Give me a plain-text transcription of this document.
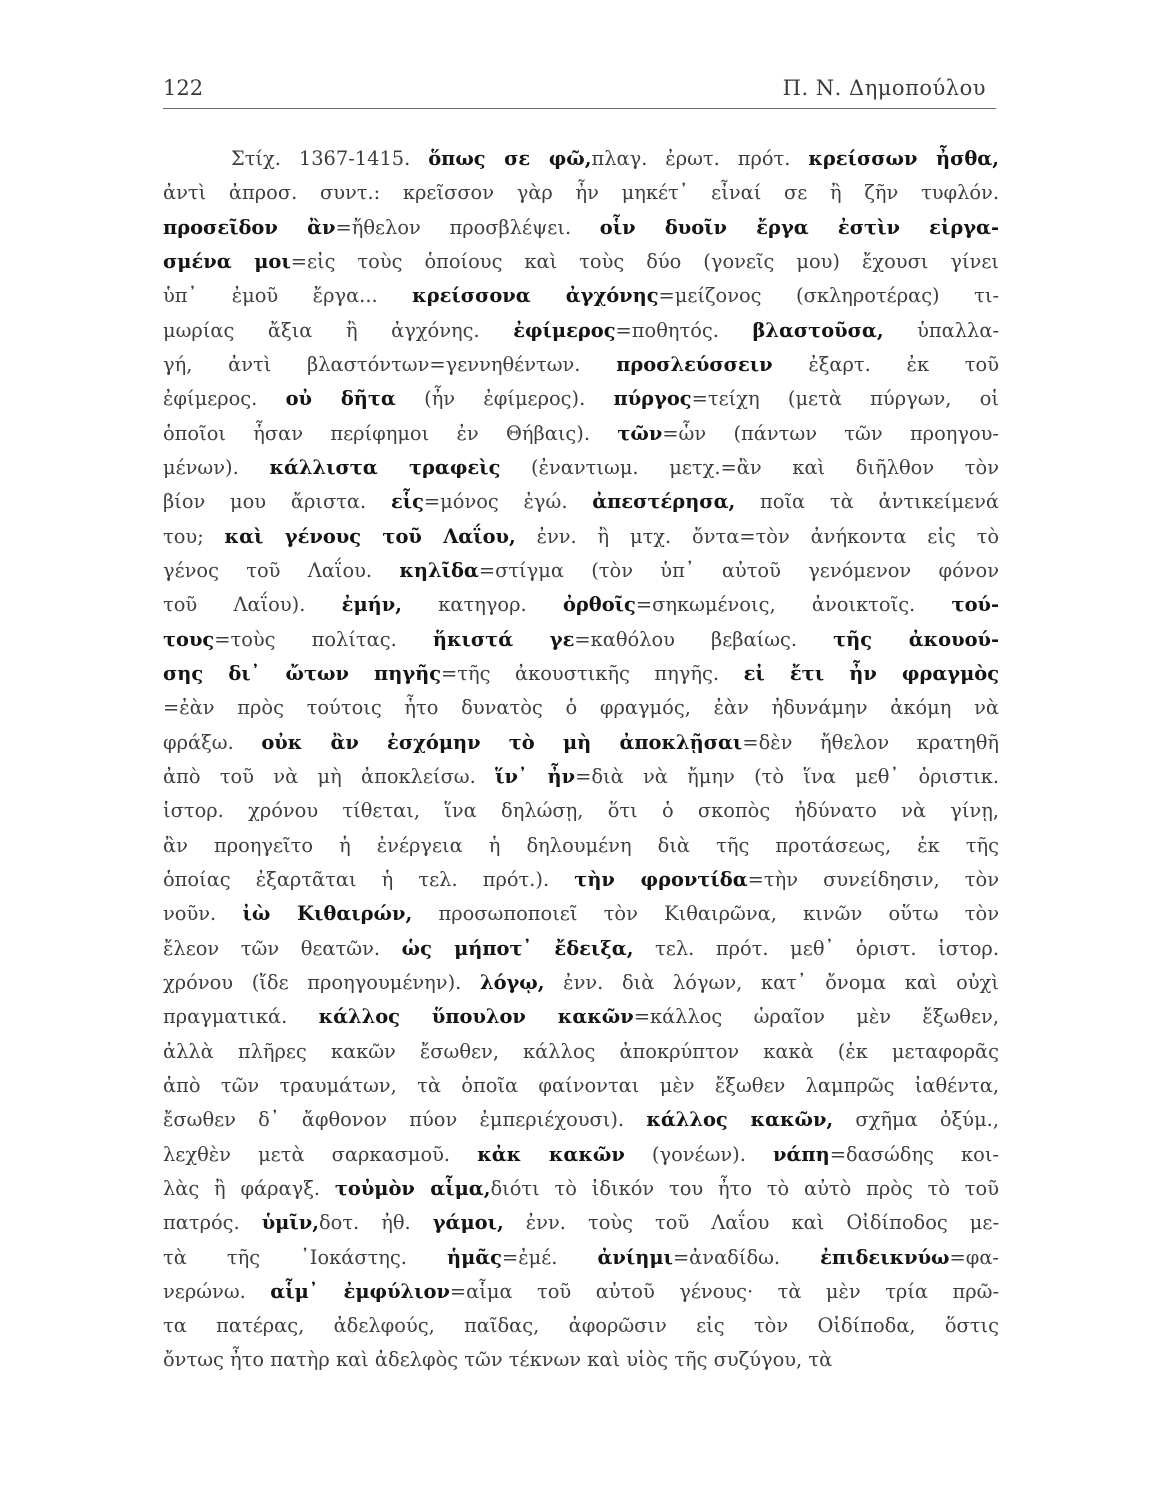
122	Π. Ν. Δημοπούλου
Στίχ. 1367-1415. ὅπως σε φῶ,πλαγ. ἐρωτ. πρότ. κρείσσων ἦσθα,
ἀντὶ ἀπροσ. συντ.: κρεῖσσον γὰρ ἦν μηκέτ᾽ εἶναί σε ἢ ζῆν τυφλόν.
προσεῖδον ἂν=ἤθελον προσβλέψει. οἷν δυοῖν ἔργα ἐστὶν εἰργα-
σμένα μοι=εἰς τοὺς ὁποίους καὶ τοὺς δύο (γονεῖς μου) ἔχουσι γίνει
ὑπ᾽ ἐμοῦ ἔργα... κρείσσονα ἀγχόνης=μείζονος (σκληροτέρας) τι-
μωρίας ἄξια ἢ ἀγχόνης. ἐφίμερος=ποθητός. βλαστοῦσα, ὑπαλλα-
γή, ἀντὶ βλαστόντων=γεννηθέντων. προσλεύσσειν ἐξαρτ. ἐκ τοῦ
ἐφίμερος. οὐ δῆτα (ἦν ἐφίμερος). πύργος=τείχη (μετὰ πύργων, οἱ
ὁποῖοι ἦσαν περίφημοι ἐν Θήβαις). τῶν=ὧν (πάντων τῶν προηγου-
μένων). κάλλιστα τραφεὶς (ἐναντιωμ. μετχ.=ἂν καὶ διῆλθον τὸν
βίον μου ἄριστα. εἷς=μόνος ἐγώ. ἀπεστέρησα, ποῖα τὰ ἀντικείμενά
του; καὶ γένους τοῦ Λαΐου, ἐνν. ἢ μτχ. ὄντα=τὸν ἀνήκοντα εἰς τὸ
γένος τοῦ Λαΐου. κηλῖδα=στίγμα (τὸν ὑπ᾽ αὐτοῦ γενόμενον φόνον
τοῦ Λαΐου). ἐμήν, κατηγορ. ὀρθοῖς=σηκωμένοις, ἀνοικτοῖς. τού-
τους=τοὺς πολίτας. ἥκιστά γε=καθόλου βεβαίως. τῆς ἀκουού-
σης δι᾽ ὤτων πηγῆς=τῆς ἀκουστικῆς πηγῆς. εἰ ἔτι ἦν φραγμὸς
=ἐὰν πρὸς τούτοις ἦτο δυνατὸς ὁ φραγμός, ἐὰν ἠδυνάμην ἀκόμη νὰ
φράξω. οὐκ ἂν ἐσχόμην τὸ μὴ ἀποκλῇσαι=δὲν ἤθελον κρατηθῆ
ἀπὸ τοῦ νὰ μὴ ἀποκλείσω. ἵν᾽ ἦν=διὰ νὰ ἤμην (τὸ ἵνα μεθ᾽ ὁριστικ.
ἱστορ. χρόνου τίθεται, ἵνα δηλώσῃ, ὅτι ὁ σκοπὸς ἠδύνατο νὰ γίνῃ,
ἂν προηγεῖτο ἡ ἐνέργεια ἡ δηλουμένη διὰ τῆς προτάσεως, ἐκ τῆς
ὁποίας ἐξαρτᾶται ἡ τελ. πρότ.). τὴν φροντίδα=τὴν συνείδησιν, τὸν
νοῦν. ἰὼ Κιθαιρών, προσωποποιεῖ τὸν Κιθαιρῶνα, κινῶν οὕτω τὸν
ἔλεον τῶν θεατῶν. ὡς μήποτ᾽ ἔδειξα, τελ. πρότ. μεθ᾽ ὁριστ. ἱστορ.
χρόνου (ἴδε προηγουμένην). λόγῳ, ἐνν. διὰ λόγων, κατ᾽ ὄνομα καὶ οὐχὶ
πραγματικά. κάλλος ὕπουλον κακῶν=κάλλος ὡραῖον μὲν ἔξωθεν,
ἀλλὰ πλῆρες κακῶν ἔσωθεν, κάλλος ἀποκρύπτον κακὰ (ἐκ μεταφορᾶς
ἀπὸ τῶν τραυμάτων, τὰ ὁποῖα φαίνονται μὲν ἔξωθεν λαμπρῶς ἰαθέντα,
ἔσωθεν δ᾽ ἄφθονον πύον ἐμπεριέχουσι). κάλλος κακῶν, σχῆμα ὀξύμ.,
λεχθὲν μετὰ σαρκασμοῦ. κἀκ κακῶν (γονέων). νάπη=δασώδης κοι-
λὰς ἢ φάραγξ. τοὐμὸν αἷμα,διότι τὸ ἰδικόν του ἦτο τὸ αὐτὸ πρὸς τὸ τοῦ
πατρός. ὑμῖν,δοτ. ἠθ. γάμοι, ἐνν. τοὺς τοῦ Λαΐου καὶ Οἰδίποδος με-
τὰ τῆς ᾽Ιοκάστης. ἡμᾶς=ἐμέ. ἀνίημι=ἀναδίδω. ἐπιδεικνύω=φα-
νερώνω. αἷμ᾽ ἐμφύλιον=αἷμα τοῦ αὐτοῦ γένους· τὰ μὲν τρία πρῶ-
τα πατέρας, ἀδελφούς, παῖδας, ἀφορῶσιν εἰς τὸν Οἰδίποδα, ὅστις
ὄντως ἦτο πατὴρ καὶ ἀδελφὸς τῶν τέκνων καὶ υἱὸς τῆς συζύγου, τὰ
